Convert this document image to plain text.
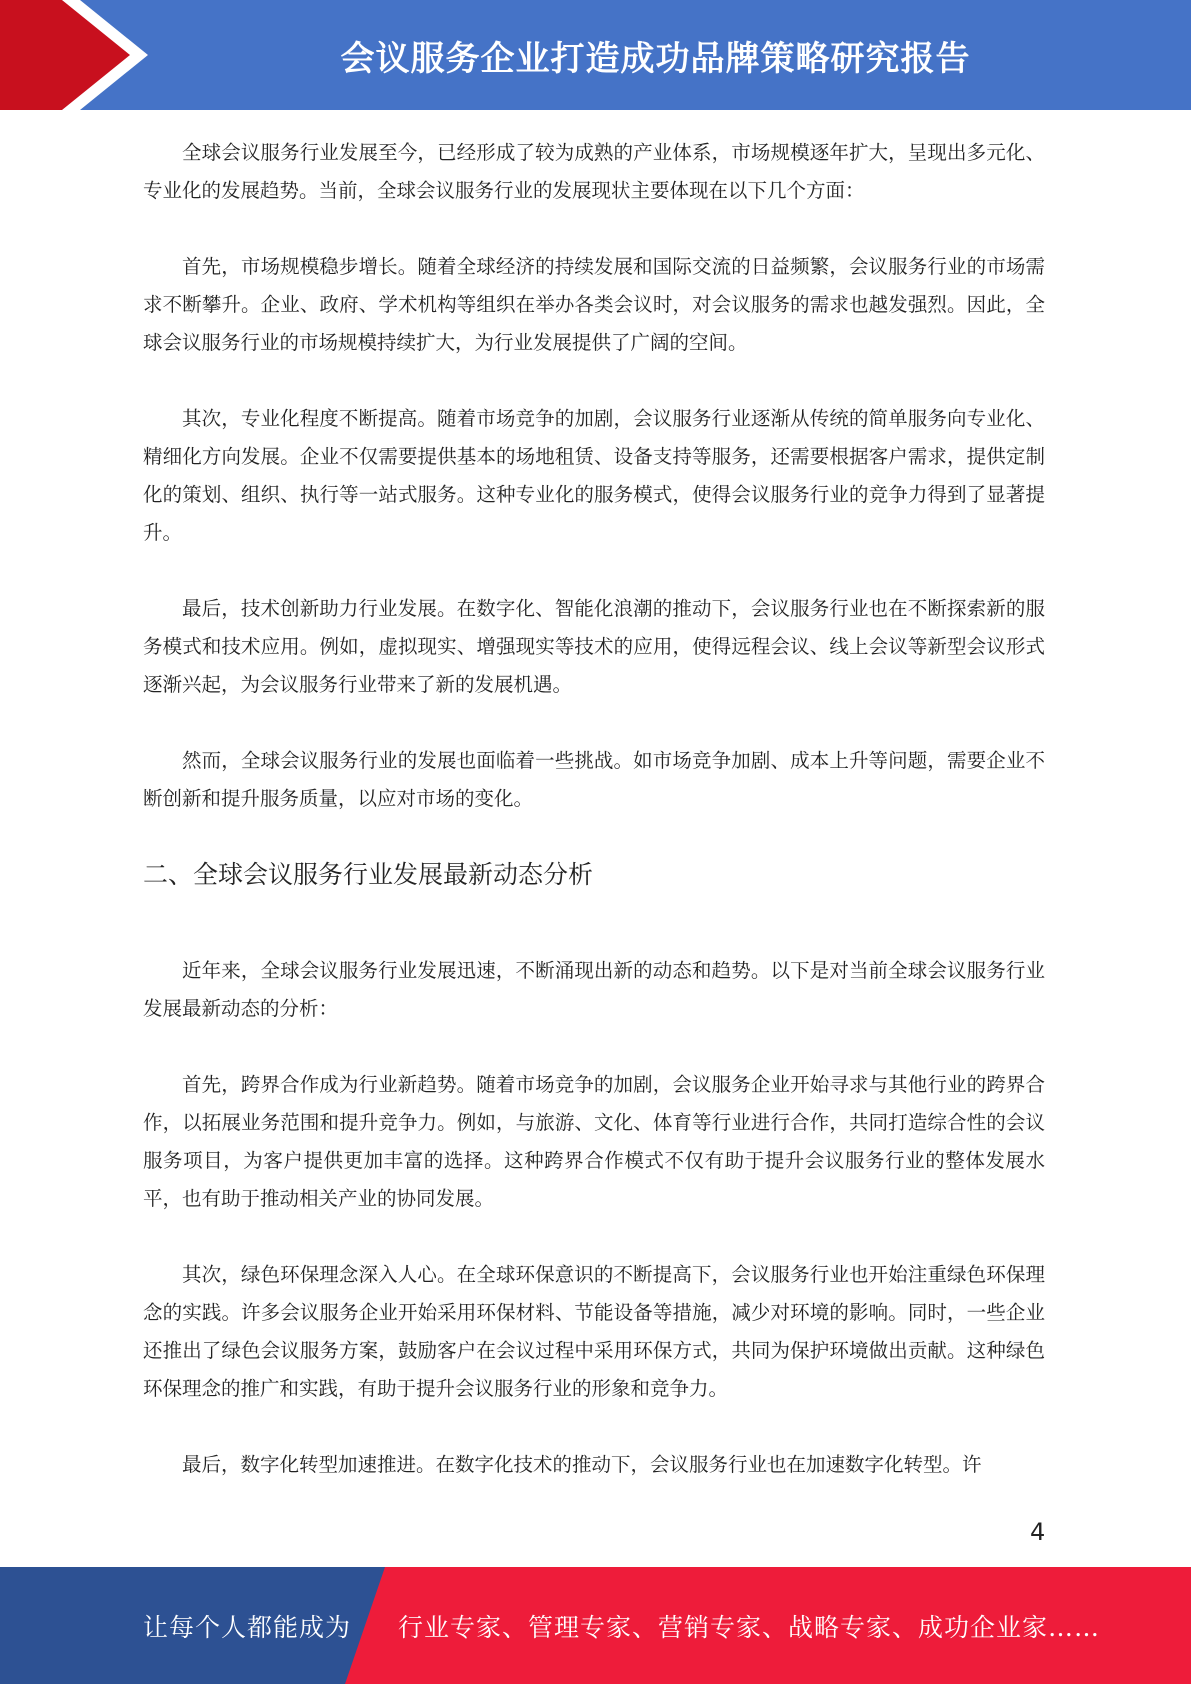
会议服务企业打造成功品牌策略研究报告

全球会议服务行业发展至今，已经形成了较为成熟的产业体系，市场规模逐年扩大，呈现出多元化、专业化的发展趋势。当前，全球会议服务行业的发展现状主要体现在以下几个方面：

首先，市场规模稳步增长。随着全球经济的持续发展和国际交流的日益频繁，会议服务行业的市场需求不断攀升。企业、政府、学术机构等组织在举办各类会议时，对会议服务的需求也越发强烈。因此，全球会议服务行业的市场规模持续扩大，为行业发展提供了广阔的空间。

其次，专业化程度不断提高。随着市场竞争的加剧，会议服务行业逐渐从传统的简单服务向专业化、精细化方向发展。企业不仅需要提供基本的场地租赁、设备支持等服务，还需要根据客户需求，提供定制化的策划、组织、执行等一站式服务。这种专业化的服务模式，使得会议服务行业的竞争力得到了显著提升。

最后，技术创新助力行业发展。在数字化、智能化浪潮的推动下，会议服务行业也在不断探索新的服务模式和技术应用。例如，虚拟现实、增强现实等技术的应用，使得远程会议、线上会议等新型会议形式逐渐兴起，为会议服务行业带来了新的发展机遇。

然而，全球会议服务行业的发展也面临着一些挑战。如市场竞争加剧、成本上升等问题，需要企业不断创新和提升服务质量，以应对市场的变化。

二、全球会议服务行业发展最新动态分析

近年来，全球会议服务行业发展迅速，不断涌现出新的动态和趋势。以下是对当前全球会议服务行业发展最新动态的分析：

首先，跨界合作成为行业新趋势。随着市场竞争的加剧，会议服务企业开始寻求与其他行业的跨界合作，以拓展业务范围和提升竞争力。例如，与旅游、文化、体育等行业进行合作，共同打造综合性的会议服务项目，为客户提供更加丰富的选择。这种跨界合作模式不仅有助于提升会议服务行业的整体发展水平，也有助于推动相关产业的协同发展。

其次，绿色环保理念深入人心。在全球环保意识的不断提高下，会议服务行业也开始注重绿色环保理念的实践。许多会议服务企业开始采用环保材料、节能设备等措施，减少对环境的影响。同时，一些企业还推出了绿色会议服务方案，鼓励客户在会议过程中采用环保方式，共同为保护环境做出贡献。这种绿色环保理念的推广和实践，有助于提升会议服务行业的形象和竞争力。

最后，数字化转型加速推进。在数字化技术的推动下，会议服务行业也在加速数字化转型。许

4
让每个人都能成为 行业专家、管理专家、营销专家、战略专家、成功企业家……
